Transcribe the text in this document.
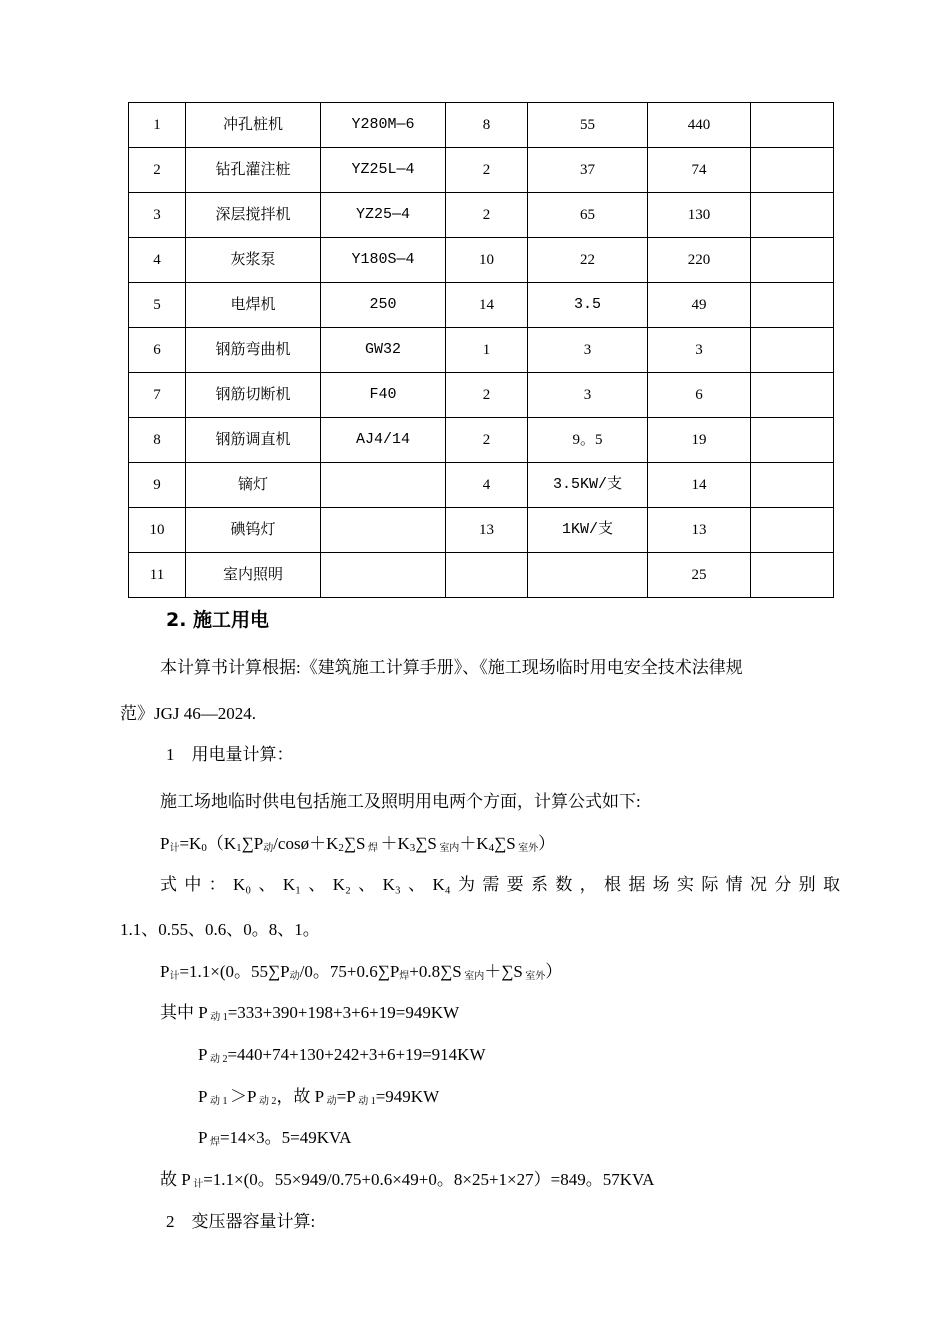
1	冲孔桩机	Y280M—6	8	55	440	
2	钻孔灌注桩	YZ25L—4	2	37	74	
3	深层搅拌机	YZ25—4	2	65	130	
4	灰浆泵	Y180S—4	10	22	220	
5	电焊机	250	14	3.5	49	
6	钢筋弯曲机	GW32	1	3	3	
7	钢筋切断机	F40	2	3	6	
8	钢筋调直机	AJ4/14	2	9。5	19	
9	镝灯		4	3.5KW/支	14	
10	碘钨灯		13	1KW/支	13	
11	室内照明				25	
2. 施工用电
本计算书计算根据:《建筑施工计算手册》、《施工现场临时用电安全技术法律规
范》JGJ 46—2024.
1　用电量计算：
施工场地临时供电包括施工及照明用电两个方面，计算公式如下:
$P_计=K_0(K_1\sum P_动/\cos ø+K_2\sum S$ $_焊 +K_3\sum S$ $_{室内}+K_4\sum S$ $_{室外}$）
式中：K₀、K₁、K₂、K₃、K₄为需要系数，根据场实际情况分别取
1.1、0.55、0.6、0。8、1。
$P_计=1.1\times(0$。$55\sum P_动/0$。$75+0.6\sum P_焊+0.8\sum S$ $_{室内}$＋∑S $_{室外}$）
其中 P $_{动 1}$=333+390+198+3+6+19=949KW
P $_{动 2}$=440+74+130+242+3+6+19=914KW
P $_{动 1}$ ＞P $_{动 2}$，故 P $_动$=P $_{动 1}$=949KW
P $_焊$=14×3。5=49KVA
故 P $_计$=1.1×(0。55×949/0.75+0.6×49+0。8×25+1×27）=849。57KVA
2　变压器容量计算:
